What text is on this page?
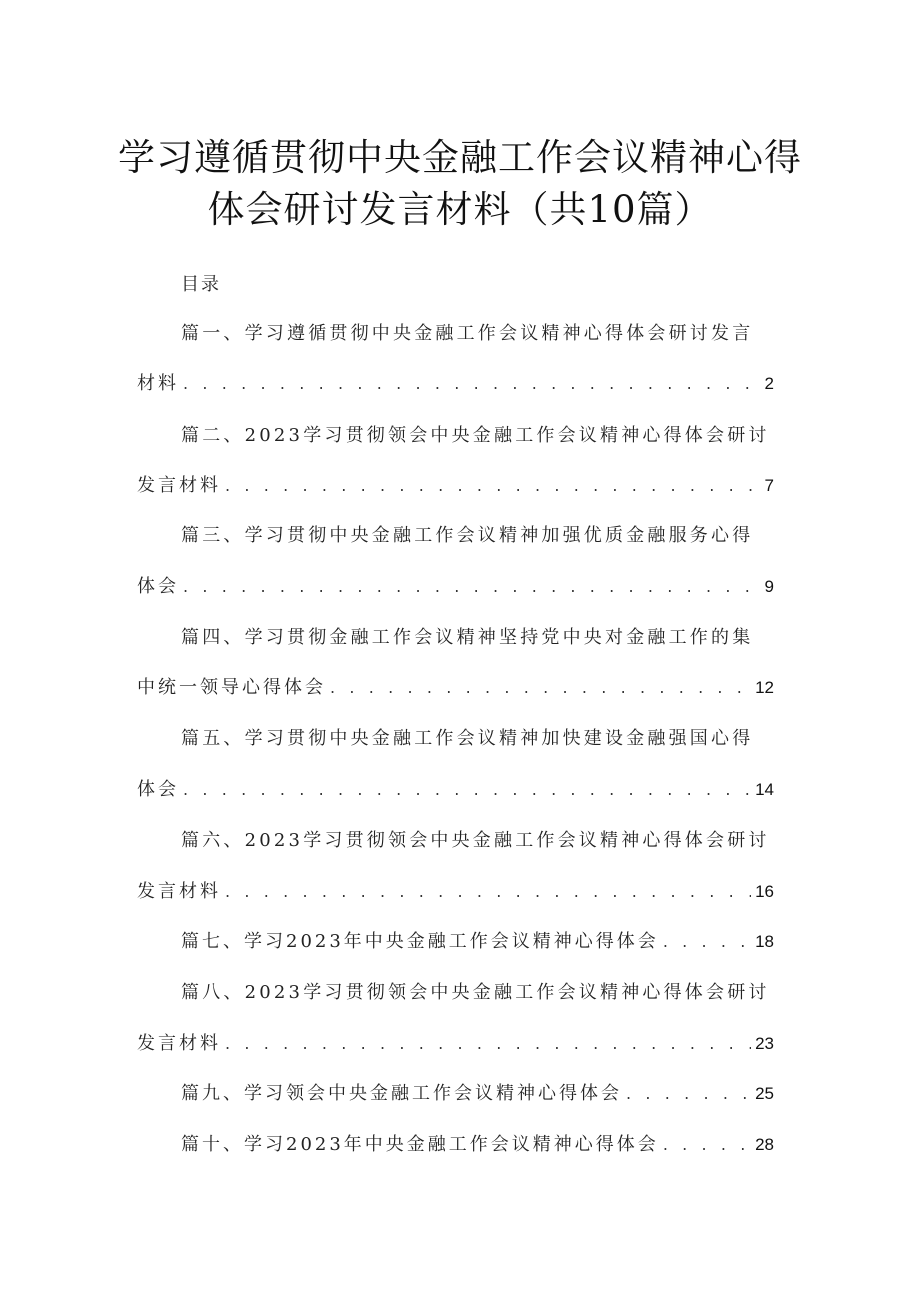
学习遵循贯彻中央金融工作会议精神心得
体会研讨发言材料（共10篇）
目录
篇一、学习遵循贯彻中央金融工作会议精神心得体会研讨发言
材料 . . .	2
篇二、2023学习贯彻领会中央金融工作会议精神心得体会研讨
发言材料 . . .	7
篇三、学习贯彻中央金融工作会议精神加强优质金融服务心得
体会 . . .	9
篇四、学习贯彻金融工作会议精神坚持党中央对金融工作的集
中统一领导心得体会 . . .	12
篇五、学习贯彻中央金融工作会议精神加快建设金融强国心得
体会 . . .	14
篇六、2023学习贯彻领会中央金融工作会议精神心得体会研讨
发言材料 . . .	16
篇七、学习2023年中央金融工作会议精神心得体会 . . .	18
篇八、2023学习贯彻领会中央金融工作会议精神心得体会研讨
发言材料 . . .	23
篇九、学习领会中央金融工作会议精神心得体会 . . .	25
篇十、学习2023年中央金融工作会议精神心得体会 . . .	28
